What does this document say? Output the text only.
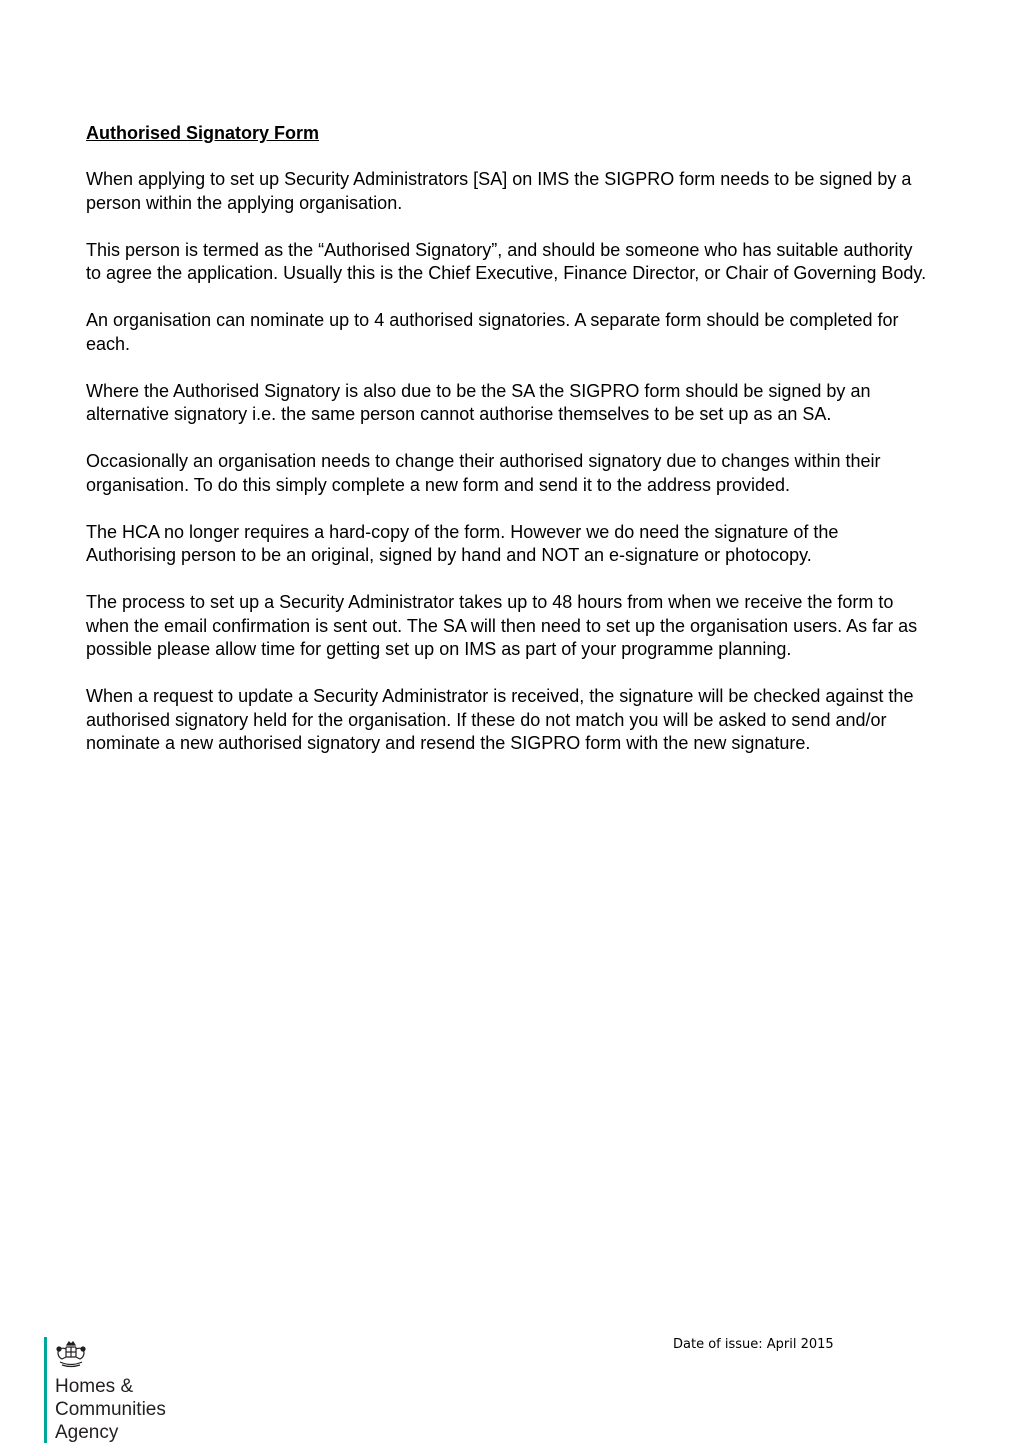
Authorised Signatory Form

When applying to set up Security Administrators [SA] on IMS the SIGPRO form needs to be signed by a person within the applying organisation.

This person is termed as the “Authorised Signatory”, and should be someone who has suitable authority to agree the application. Usually this is the Chief Executive, Finance Director, or Chair of Governing Body.

An organisation can nominate up to 4 authorised signatories. A separate form should be completed for each.

Where the Authorised Signatory is also due to be the SA the SIGPRO form should be signed by an alternative signatory i.e. the same person cannot authorise themselves to be set up as an SA.

Occasionally an organisation needs to change their authorised signatory due to changes within their organisation. To do this simply complete a new form and send it to the address provided.

The HCA no longer requires a hard-copy of the form. However we do need the signature of the Authorising person to be an original, signed by hand and NOT an e-signature or photocopy.

The process to set up a Security Administrator takes up to 48 hours from when we receive the form to when the email confirmation is sent out. The SA will then need to set up the organisation users. As far as possible please allow time for getting set up on IMS as part of your programme planning.

When a request to update a Security Administrator is received, the signature will be checked against the authorised signatory held for the organisation. If these do not match you will be asked to send and/or nominate a new authorised signatory and resend the SIGPRO form with the new signature.

Date of issue: April 2015
Homes &
Communities
Agency
